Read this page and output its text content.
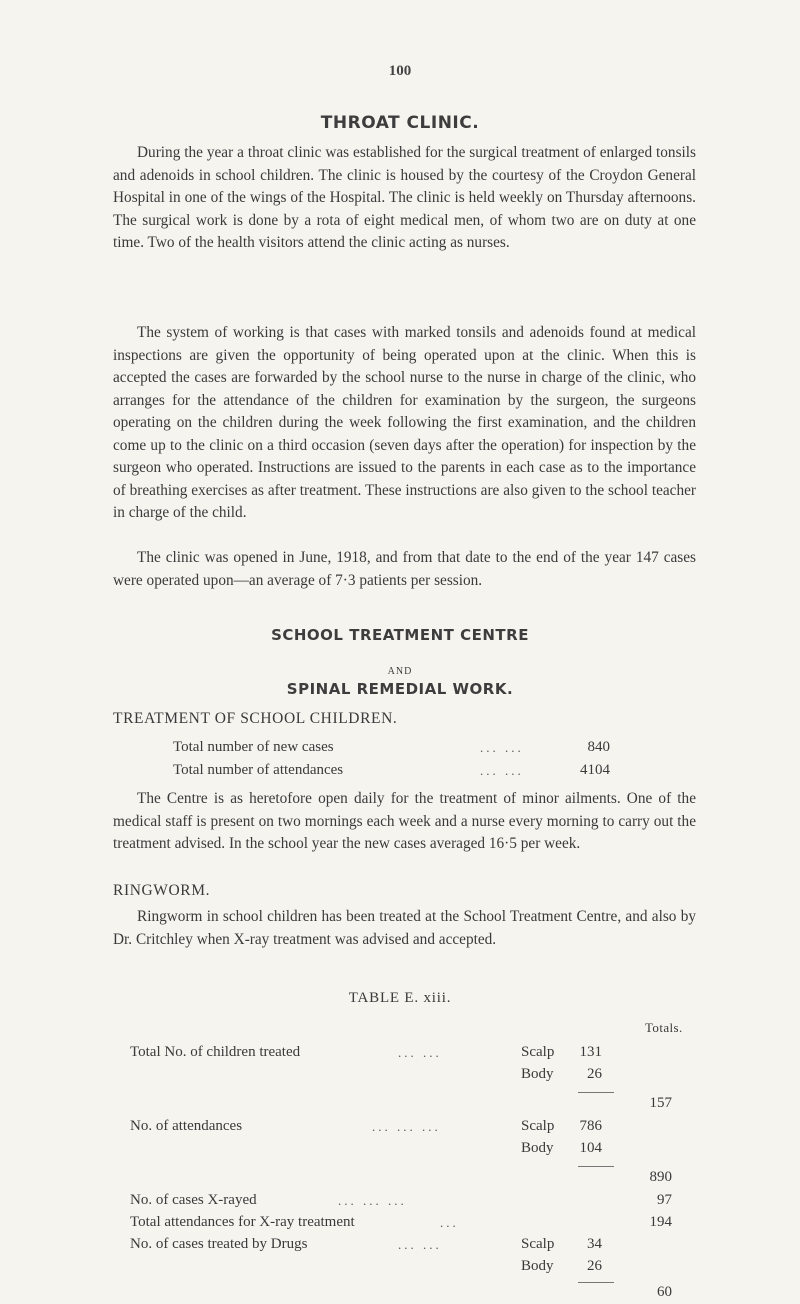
100
THROAT CLINIC.

During the year a throat clinic was established for the surgical treatment of enlarged tonsils and adenoids in school children. The clinic is housed by the courtesy of the Croydon General Hospital in one of the wings of the Hospital. The clinic is held weekly on Thursday afternoons. The surgical work is done by a rota of eight medical men, of whom two are on duty at one time. Two of the health visitors attend the clinic acting as nurses.

The system of working is that cases with marked tonsils and adenoids found at medical inspections are given the opportunity of being operated upon at the clinic. When this is accepted the cases are forwarded by the school nurse to the nurse in charge of the clinic, who arranges for the attendance of the children for examination by the surgeon, the surgeons operating on the children during the week following the first examination, and the children come up to the clinic on a third occasion (seven days after the operation) for inspection by the surgeon who operated. Instructions are issued to the parents in each case as to the importance of breathing exercises as after treatment. These instructions are also given to the school teacher in charge of the child.

The clinic was opened in June, 1918, and from that date to the end of the year 147 cases were operated upon—an average of 7·3 patients per session.

SCHOOL TREATMENT CENTRE
AND
SPINAL REMEDIAL WORK.
TREATMENT OF SCHOOL CHILDREN.
Total number of new cases	... ...	840
Total number of attendances	... ...	4104

The Centre is as heretofore open daily for the treatment of minor ailments. One of the medical staff is present on two mornings each week and a nurse every morning to carry out the treatment advised. In the school year the new cases averaged 16·5 per week.

RINGWORM.

Ringworm in school children has been treated at the School Treatment Centre, and also by Dr. Critchley when X-ray treatment was advised and accepted.

TABLE E. xiii.
Totals.
Total No. of children treated	... ...	Scalp	131
Body	26
157
No. of attendances	... ... ...	Scalp	786
Body	104
890
No. of cases X-rayed	... ... ...	97
Total attendances for X-ray treatment	...	194
No. of cases treated by Drugs	... ...	Scalp	34
Body	26
60
